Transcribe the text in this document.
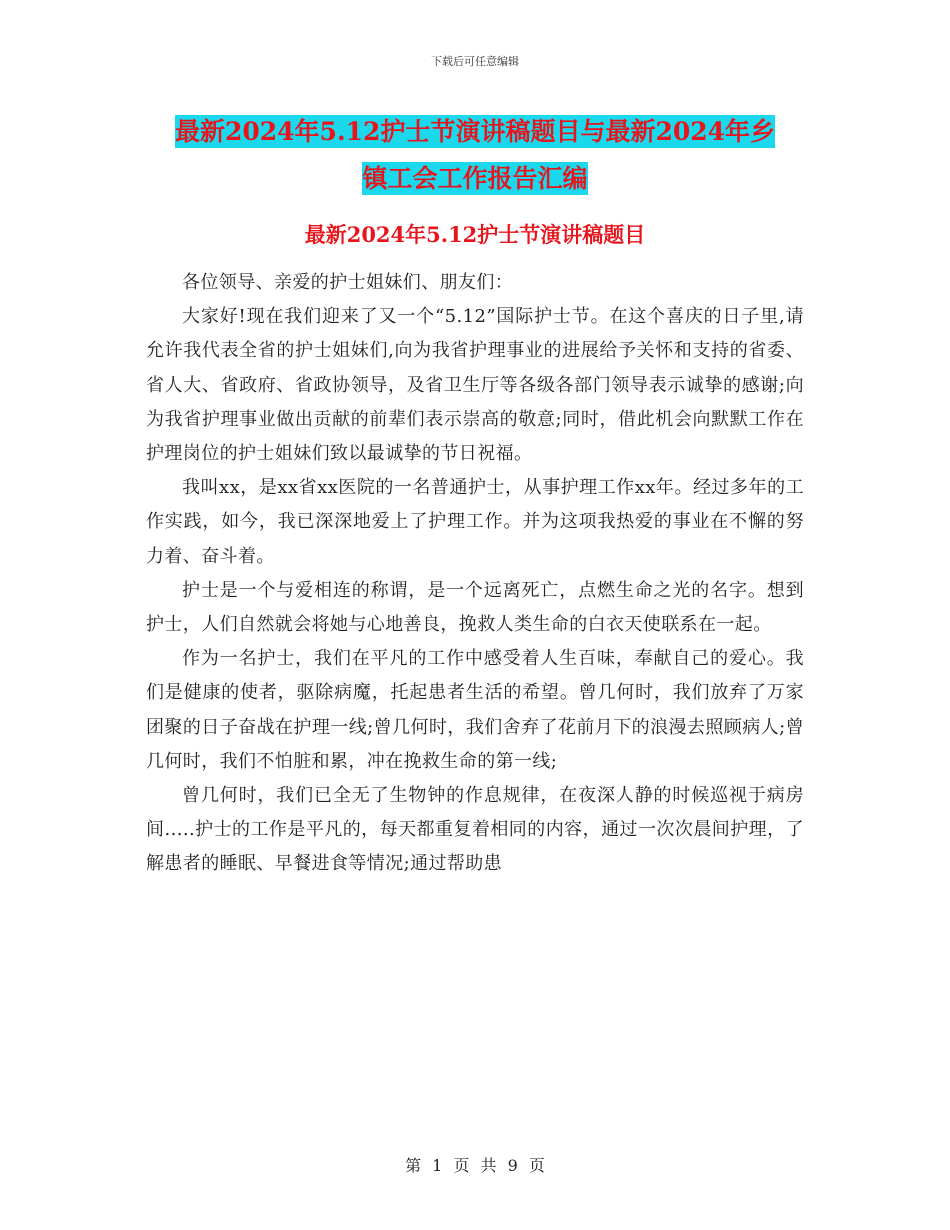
下载后可任意编辑
最新2024年5.12护士节演讲稿题目与最新2024年乡
镇工会工作报告汇编
最新2024年5.12护士节演讲稿题目

各位领导、亲爱的护士姐妹们、朋友们：

大家好!现在我们迎来了又一个“5.12”国际护士节。在这个喜庆的日子里,请允许我代表全省的护士姐妹们,向为我省护理事业的进展给予关怀和支持的省委、省人大、省政府、省政协领导，及省卫生厅等各级各部门领导表示诚挚的感谢;向为我省护理事业做出贡献的前辈们表示崇高的敬意;同时，借此机会向默默工作在护理岗位的护士姐妹们致以最诚挚的节日祝福。

我叫xx，是xx省xx医院的一名普通护士，从事护理工作xx年。经过多年的工作实践，如今，我已深深地爱上了护理工作。并为这项我热爱的事业在不懈的努力着、奋斗着。

护士是一个与爱相连的称谓，是一个远离死亡，点燃生命之光的名字。想到护士，人们自然就会将她与心地善良，挽救人类生命的白衣天使联系在一起。

作为一名护士，我们在平凡的工作中感受着人生百味，奉献自己的爱心。我们是健康的使者，驱除病魔，托起患者生活的希望。曾几何时，我们放弃了万家团聚的日子奋战在护理一线;曾几何时，我们舍弃了花前月下的浪漫去照顾病人;曾几何时，我们不怕脏和累，冲在挽救生命的第一线;

曾几何时，我们已全无了生物钟的作息规律，在夜深人静的时候巡视于病房间.....护士的工作是平凡的，每天都重复着相同的内容，通过一次次晨间护理，了解患者的睡眠、早餐进食等情况;通过帮助患

第 1 页 共 9 页
